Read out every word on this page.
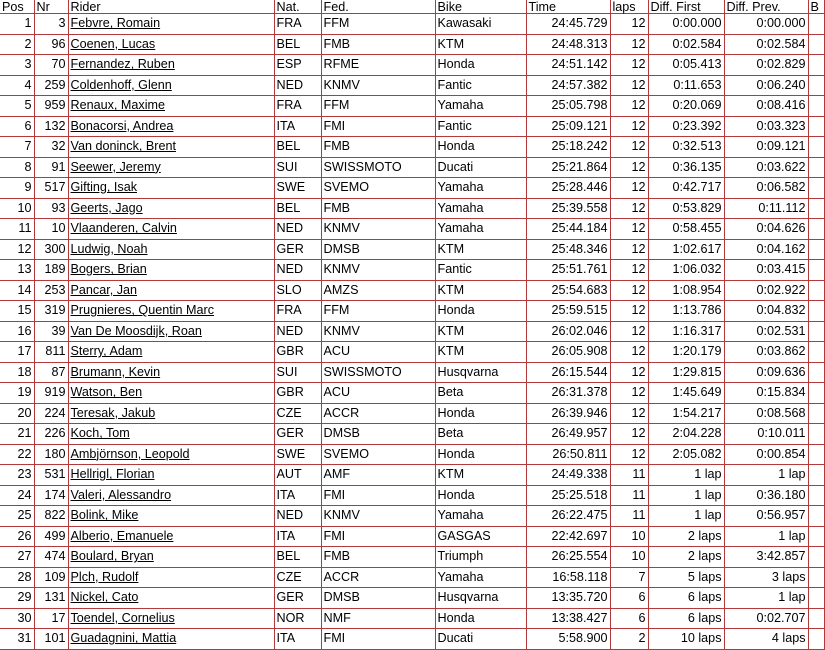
Pos	Nr	Rider	Nat.	Fed.	Bike	Time	laps	Diff. First	Diff. Prev.	B
1	3	Febvre, Romain	FRA	FFM	Kawasaki	24:45.729	12	0:00.000	0:00.000	
2	96	Coenen, Lucas	BEL	FMB	KTM	24:48.313	12	0:02.584	0:02.584	
3	70	Fernandez, Ruben	ESP	RFME	Honda	24:51.142	12	0:05.413	0:02.829	
4	259	Coldenhoff, Glenn	NED	KNMV	Fantic	24:57.382	12	0:11.653	0:06.240	
5	959	Renaux, Maxime	FRA	FFM	Yamaha	25:05.798	12	0:20.069	0:08.416	
6	132	Bonacorsi, Andrea	ITA	FMI	Fantic	25:09.121	12	0:23.392	0:03.323	
7	32	Van doninck, Brent	BEL	FMB	Honda	25:18.242	12	0:32.513	0:09.121	
8	91	Seewer, Jeremy	SUI	SWISSMOTO	Ducati	25:21.864	12	0:36.135	0:03.622	
9	517	Gifting, Isak	SWE	SVEMO	Yamaha	25:28.446	12	0:42.717	0:06.582	
10	93	Geerts, Jago	BEL	FMB	Yamaha	25:39.558	12	0:53.829	0:11.112	
11	10	Vlaanderen, Calvin	NED	KNMV	Yamaha	25:44.184	12	0:58.455	0:04.626	
12	300	Ludwig, Noah	GER	DMSB	KTM	25:48.346	12	1:02.617	0:04.162	
13	189	Bogers, Brian	NED	KNMV	Fantic	25:51.761	12	1:06.032	0:03.415	
14	253	Pancar, Jan	SLO	AMZS	KTM	25:54.683	12	1:08.954	0:02.922	
15	319	Prugnieres, Quentin Marc	FRA	FFM	Honda	25:59.515	12	1:13.786	0:04.832	
16	39	Van De Moosdijk, Roan	NED	KNMV	KTM	26:02.046	12	1:16.317	0:02.531	
17	811	Sterry, Adam	GBR	ACU	KTM	26:05.908	12	1:20.179	0:03.862	
18	87	Brumann, Kevin	SUI	SWISSMOTO	Husqvarna	26:15.544	12	1:29.815	0:09.636	
19	919	Watson, Ben	GBR	ACU	Beta	26:31.378	12	1:45.649	0:15.834	
20	224	Teresak, Jakub	CZE	ACCR	Honda	26:39.946	12	1:54.217	0:08.568	
21	226	Koch, Tom	GER	DMSB	Beta	26:49.957	12	2:04.228	0:10.011	
22	180	Ambjörnson, Leopold	SWE	SVEMO	Honda	26:50.811	12	2:05.082	0:00.854	
23	531	Hellrigl, Florian	AUT	AMF	KTM	24:49.338	11	1 lap	1 lap	
24	174	Valeri, Alessandro	ITA	FMI	Honda	25:25.518	11	1 lap	0:36.180	
25	822	Bolink, Mike	NED	KNMV	Yamaha	26:22.475	11	1 lap	0:56.957	
26	499	Alberio, Emanuele	ITA	FMI	GASGAS	22:42.697	10	2 laps	1 lap	
27	474	Boulard, Bryan	BEL	FMB	Triumph	26:25.554	10	2 laps	3:42.857	
28	109	Plch, Rudolf	CZE	ACCR	Yamaha	16:58.118	7	5 laps	3 laps	
29	131	Nickel, Cato	GER	DMSB	Husqvarna	13:35.720	6	6 laps	1 lap	
30	17	Toendel, Cornelius	NOR	NMF	Honda	13:38.427	6	6 laps	0:02.707	
31	101	Guadagnini, Mattia	ITA	FMI	Ducati	5:58.900	2	10 laps	4 laps	
